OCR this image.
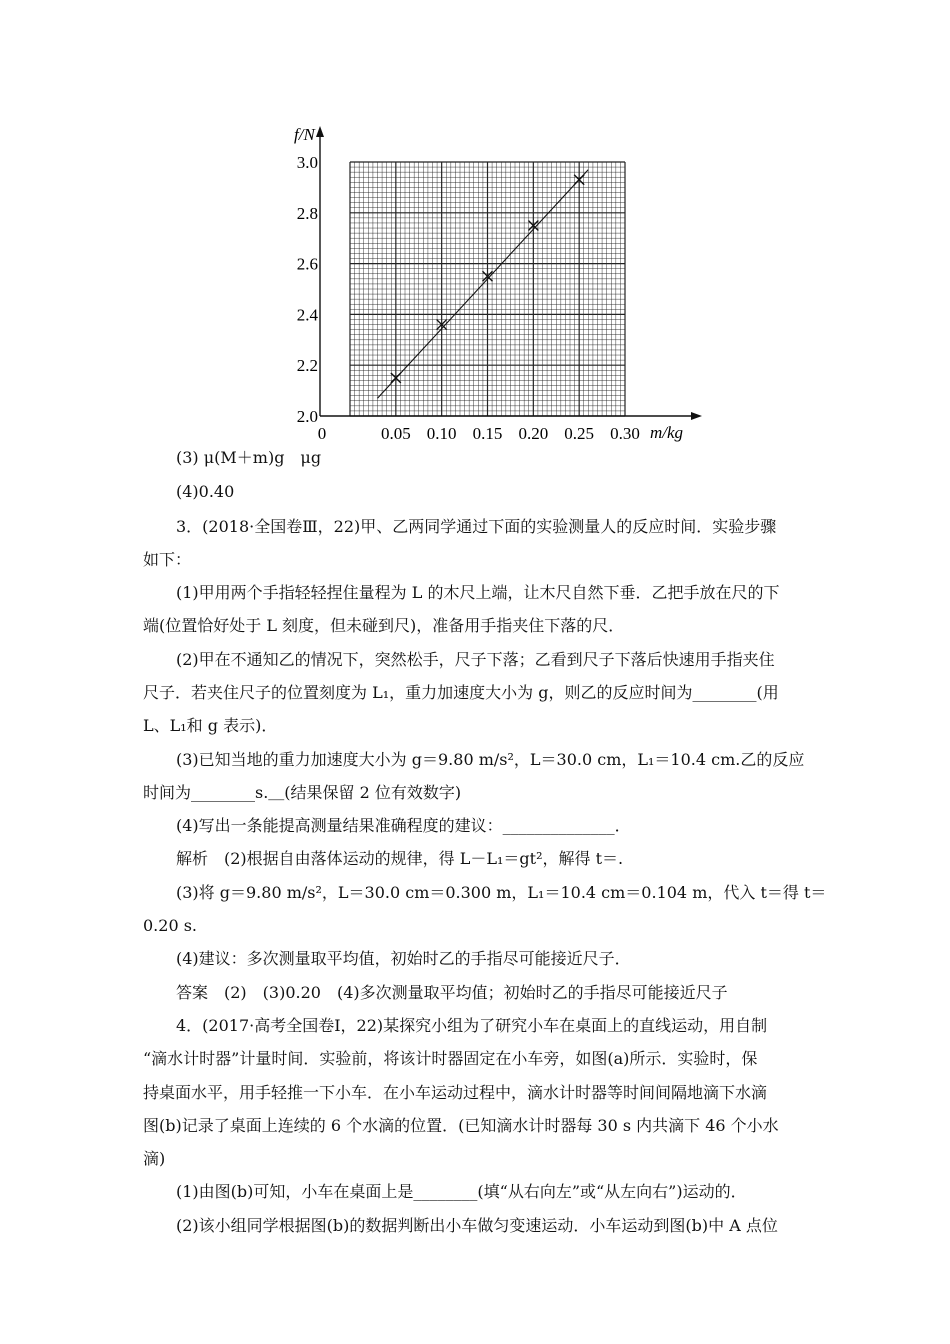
f/N
m/kg
0	0.05 0.10 0.15 0.20 0.25 0.30
2.0
2.2
2.4
2.6
2.8
3.0
(3) μ(M＋m)g　μg
(4)0.40
3．(2018·全国卷Ⅲ，22)甲、乙两同学通过下面的实验测量人的反应时间．实验步骤
如下：
(1)甲用两个手指轻轻捏住量程为 L 的木尺上端，让木尺自然下垂．乙把手放在尺的下
端(位置恰好处于 L 刻度，但未碰到尺)，准备用手指夹住下落的尺．
(2)甲在不通知乙的情况下，突然松手，尺子下落；乙看到尺子下落后快速用手指夹住
尺子．若夹住尺子的位置刻度为 L₁，重力加速度大小为 g，则乙的反应时间为________(用
L、L₁和 g 表示)．
(3)已知当地的重力加速度大小为 g＝9.80 m/s²，L＝30.0 cm，L₁＝10.4 cm.乙的反应
时间为________s.＿(结果保留 2 位有效数字)
(4)写出一条能提高测量结果准确程度的建议：______________．
解析　(2)根据自由落体运动的规律，得 L－L₁＝gt²，解得 t＝.
(3)将 g＝9.80 m/s²，L＝30.0 cm＝0.300 m，L₁＝10.4 cm＝0.104 m，代入 t＝得 t＝
0.20 s.
(4)建议：多次测量取平均值，初始时乙的手指尽可能接近尺子．
答案　(2)　(3)0.20　(4)多次测量取平均值；初始时乙的手指尽可能接近尺子
4．(2017·高考全国卷Ⅰ，22)某探究小组为了研究小车在桌面上的直线运动，用自制
“滴水计时器”计量时间．实验前，将该计时器固定在小车旁，如图(a)所示．实验时，保
持桌面水平，用手轻推一下小车．在小车运动过程中，滴水计时器等时间间隔地滴下水滴
图(b)记录了桌面上连续的 6 个水滴的位置．(已知滴水计时器每 30 s 内共滴下 46 个小水
滴)
(1)由图(b)可知，小车在桌面上是________(填“从右向左”或“从左向右”)运动的．
(2)该小组同学根据图(b)的数据判断出小车做匀变速运动．小车运动到图(b)中 A 点位
